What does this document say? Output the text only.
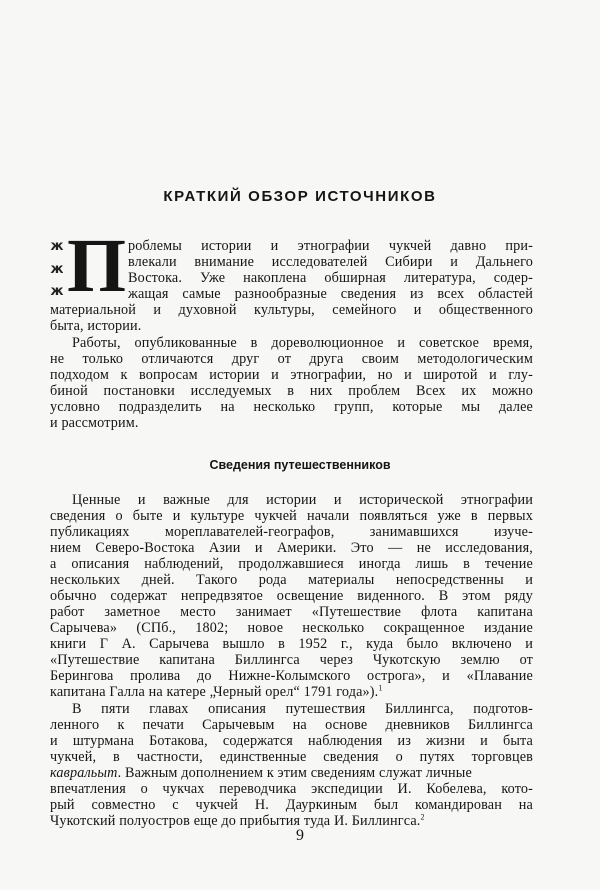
КРАТКИЙ ОБЗОР ИСТОЧНИКОВ
ж
ж
ж П роблемы истории и этнографии чукчей давно при-
влекали внимание исследователей Сибири и Дальнего
Востока. Уже накоплена обширная литература, содер-
жащая самые разнообразные сведения из всех областей
материальной и духовной культуры, семейного и общественного
быта, истории.
Работы, опубликованные в дореволюционное и советское время,
не только отличаются друг от друга своим методологическим
подходом к вопросам истории и этнографии, но и широтой и глу-
биной постановки исследуемых в них проблем Всех их можно
условно подразделить на несколько групп, которые мы далее
и рассмотрим.
Сведения путешественников
Ценные и важные для истории и исторической этнографии
сведения о быте и культуре чукчей начали появляться уже в первых
публикациях мореплавателей-географов, занимавшихся изуче-
нием Северо-Востока Азии и Америки. Это — не исследования,
а описания наблюдений, продолжавшиеся иногда лишь в течение
нескольких дней. Такого рода материалы непосредственны и
обычно содержат непредвзятое освещение виденного. В этом ряду
работ заметное место занимает «Путешествие флота капитана
Сарычева» (СПб., 1802; новое несколько сокращенное издание
книги Г А. Сарычева вышло в 1952 г., куда было включено и
«Путешествие капитана Биллингса через Чукотскую землю от
Берингова пролива до Нижне-Колымского острога», и «Плавание
капитана Галла на катере „Черный орел“ 1791 года»).$^1$
В пяти главах описания путешествия Биллингса, подготов-
ленного к печати Сарычевым на основе дневников Биллингса
и штурмана Ботакова, содержатся наблюдения из жизни и быта
чукчей, в частности, единственные сведения о путях торговцев
кавральыт. Важным дополнением к этим сведениям служат личные
впечатления о чукчах переводчика экспедиции И. Кобелева, кото-
рый совместно с чукчей Н. Дауркиным был командирован на
Чукотский полуостров еще до прибытия туда И. Биллингса.$^2$
9
